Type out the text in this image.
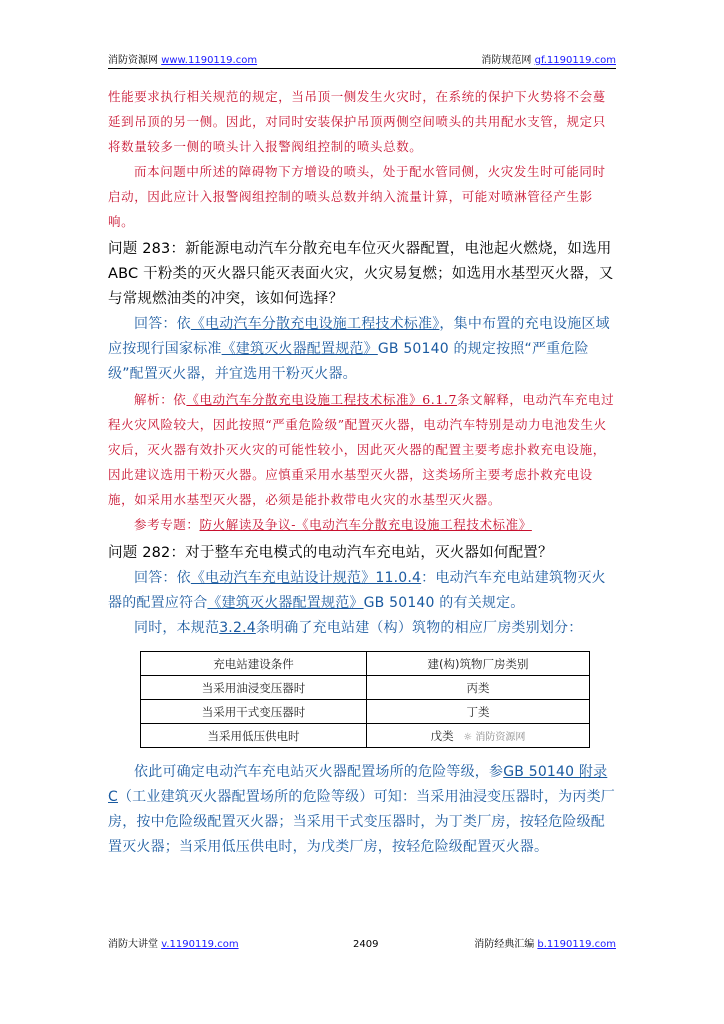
消防资源网 www.1190119.com	消防规范网 gf.1190119.com

性能要求执行相关规范的规定，当吊顶一侧发生火灾时，在系统的保护下火势将不会蔓延到吊顶的另一侧。因此，对同时安装保护吊顶两侧空间喷头的共用配水支管，规定只将数量较多一侧的喷头计入报警阀组控制的喷头总数。

而本问题中所述的障碍物下方增设的喷头，处于配水管同侧，火灾发生时可能同时启动，因此应计入报警阀组控制的喷头总数并纳入流量计算，可能对喷淋管径产生影响。

问题 283：新能源电动汽车分散充电车位灭火器配置，电池起火燃烧，如选用 ABC 干粉类的灭火器只能灭表面火灾，火灾易复燃；如选用水基型灭火器，又与常规燃油类的冲突，该如何选择？

回答：依《电动汽车分散充电设施工程技术标准》，集中布置的充电设施区域应按现行国家标准《建筑灭火器配置规范》GB 50140 的规定按照“严重危险级”配置灭火器，并宜选用干粉灭火器。

解析：依《电动汽车分散充电设施工程技术标准》6.1.7条文解释，电动汽车充电过程火灾风险较大，因此按照“严重危险级”配置灭火器，电动汽车特别是动力电池发生火灾后，灭火器有效扑灭火灾的可能性较小，因此灭火器的配置主要考虑扑救充电设施，因此建议选用干粉灭火器。应慎重采用水基型灭火器，这类场所主要考虑扑救充电设施，如采用水基型灭火器，必须是能扑救带电火灾的水基型灭火器。

参考专题：防火解读及争议-《电动汽车分散充电设施工程技术标准》

问题 282：对于整车充电模式的电动汽车充电站，灭火器如何配置？

回答：依《电动汽车充电站设计规范》11.0.4：电动汽车充电站建筑物灭火器的配置应符合《建筑灭火器配置规范》GB 50140 的有关规定。

同时，本规范3.2.4条明确了充电站建（构）筑物的相应厂房类别划分：

充电站建设条件	建(构)筑物厂房类别
当采用油浸变压器时	丙类
当采用干式变压器时	丁类
当采用低压供电时	戊类 ☼ 消防资源网

依此可确定电动汽车充电站灭火器配置场所的危险等级，参GB 50140 附录 C（工业建筑灭火器配置场所的危险等级）可知：当采用油浸变压器时，为丙类厂房，按中危险级配置灭火器；当采用干式变压器时，为丁类厂房，按轻危险级配置灭火器；当采用低压供电时，为戊类厂房，按轻危险级配置灭火器。

消防大讲堂 v.1190119.com	2409	消防经典汇编 b.1190119.com
